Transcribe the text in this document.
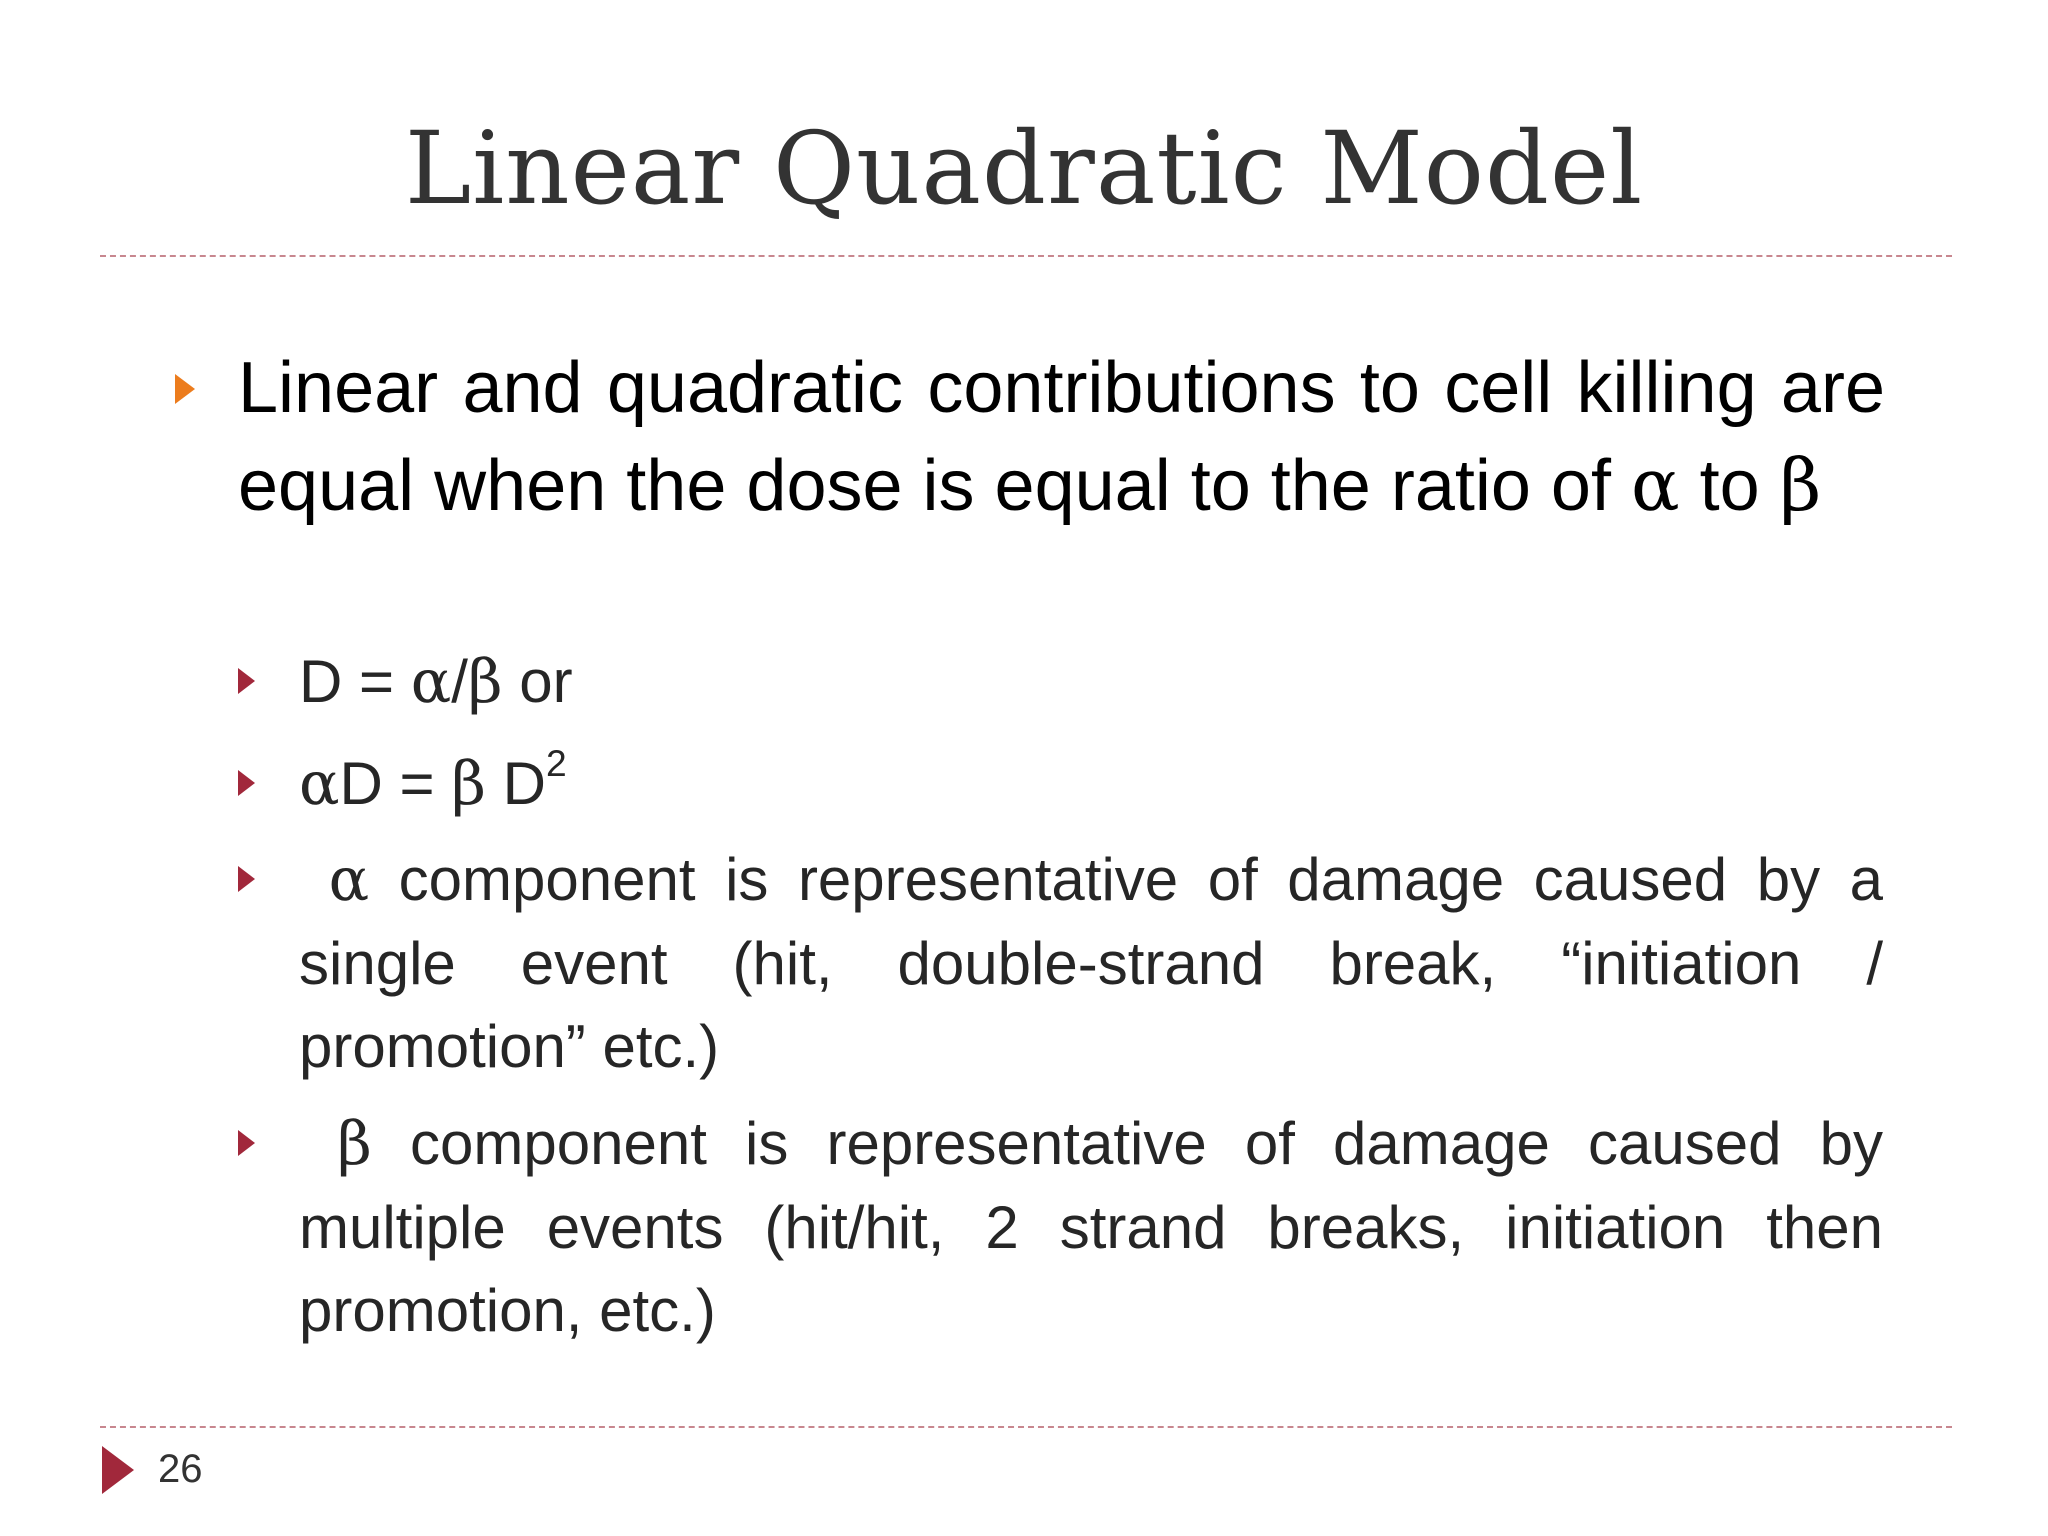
Linear Quadratic Model
Linear and quadratic contributions to cell killing are equal when the dose is equal to the ratio of α to β
D = α/β or
αD = β $D^2$
α component is representative of damage caused by a single event (hit, double-strand break, “initiation / promotion” etc.)
β component is representative of damage caused by multiple events (hit/hit, 2 strand breaks, initiation then promotion, etc.)
26
